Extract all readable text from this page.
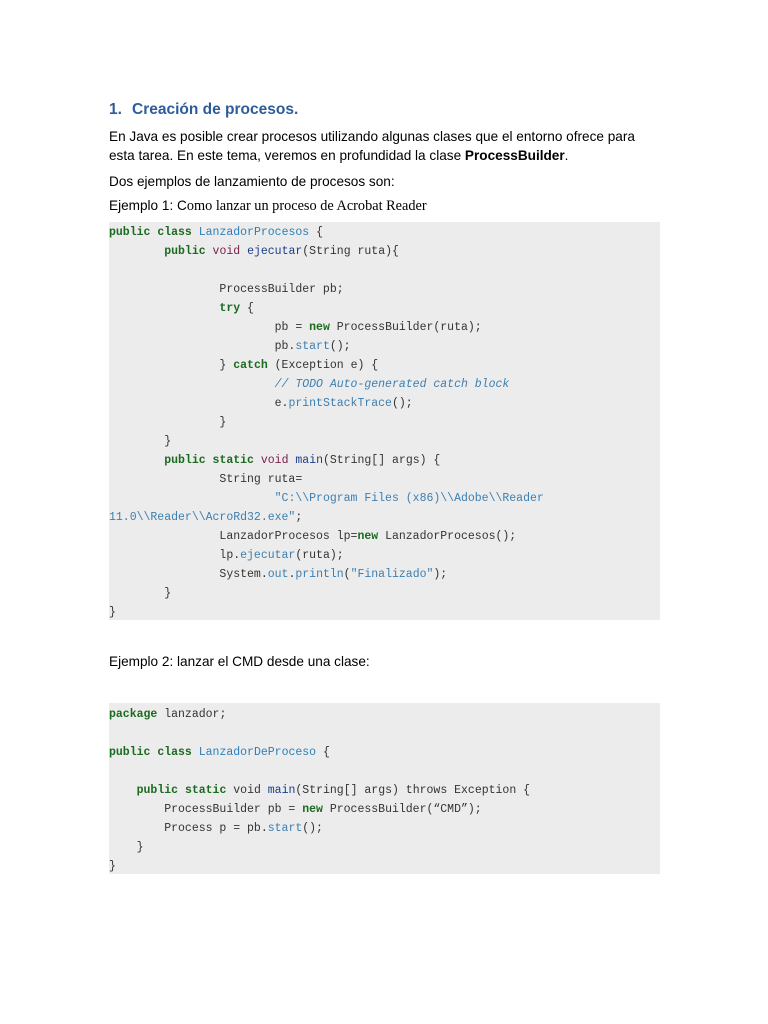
1. Creación de procesos.
En Java es posible crear procesos utilizando algunas clases que el entorno ofrece para
esta tarea. En este tema, veremos en profundidad la clase ProcessBuilder.
Dos ejemplos de lanzamiento de procesos son:
Ejemplo 1: Como lanzar un proceso de Acrobat Reader
public class LanzadorProcesos {
public void ejecutar(String ruta){

ProcessBuilder pb;
try {
pb = new ProcessBuilder(ruta);
pb.start();
} catch (Exception e) {
// TODO Auto-generated catch block
e.printStackTrace();
}
}
public static void main(String[] args) {
String ruta=
"C:\\Program Files (x86)\\Adobe\\Reader
11.0\\Reader\\AcroRd32.exe";
LanzadorProcesos lp=new LanzadorProcesos();
lp.ejecutar(ruta);
System.out.println("Finalizado");
}
}
Ejemplo 2: lanzar el CMD desde una clase:
package lanzador;

public class LanzadorDeProceso {

public static void main(String[] args) throws Exception {
ProcessBuilder pb = new ProcessBuilder(“CMD”);
Process p = pb.start();
}
}
